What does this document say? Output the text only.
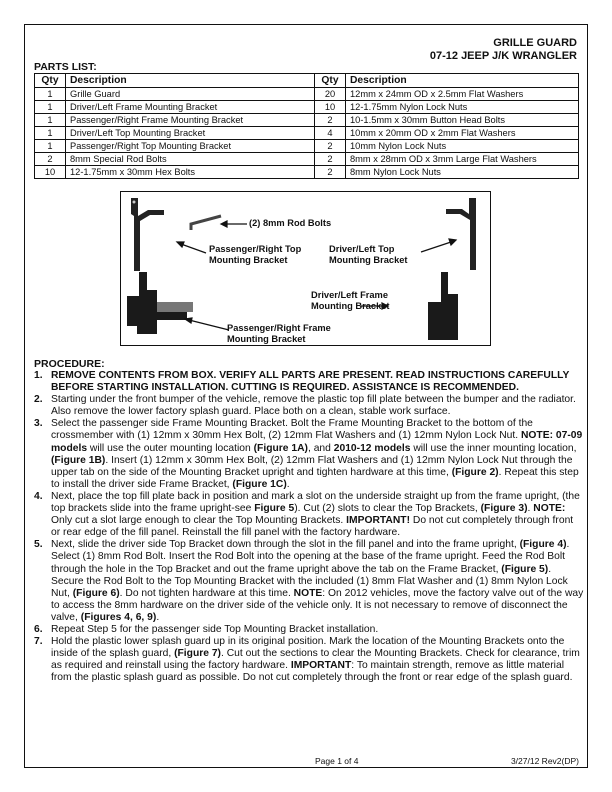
GRILLE GUARD
07-12 JEEP J/K WRANGLER
PARTS LIST:
Qty	Description	Qty	Description
1	Grille Guard	20	12mm x 24mm OD x 2.5mm Flat Washers
1	Driver/Left Frame Mounting Bracket	10	12-1.75mm Nylon Lock Nuts
1	Passenger/Right Frame Mounting Bracket	2	10-1.5mm x 30mm Button Head Bolts
1	Driver/Left Top Mounting Bracket	4	10mm x 20mm OD x 2mm Flat Washers
1	Passenger/Right Top Mounting Bracket	2	10mm Nylon Lock Nuts
2	8mm Special Rod Bolts	2	8mm x 28mm OD x 3mm Large Flat Washers
10	12-1.75mm x 30mm Hex Bolts	2	8mm Nylon Lock Nuts
(2) 8mm Rod Bolts
Passenger/Right Top
Mounting Bracket
Driver/Left Top
Mounting Bracket
Driver/Left Frame
Mounting Bracket
Passenger/Right Frame
Mounting Bracket
PROCEDURE:
1. REMOVE CONTENTS FROM BOX. VERIFY ALL PARTS ARE PRESENT. READ INSTRUCTIONS CAREFULLY BEFORE STARTING INSTALLATION. CUTTING IS REQUIRED. ASSISTANCE IS RECOMMENDED.
2. Starting under the front bumper of the vehicle, remove the plastic top fill plate between the bumper and the radiator. Also remove the lower factory splash guard. Place both on a clean, stable work surface.
3. Select the passenger side Frame Mounting Bracket. Bolt the Frame Mounting Bracket to the bottom of the crossmember with (1) 12mm x 30mm Hex Bolt, (2) 12mm Flat Washers and (1) 12mm Nylon Lock Nut. NOTE: 07-09 models will use the outer mounting location (Figure 1A), and 2010-12 models will use the inner mounting location, (Figure 1B). Insert (1) 12mm x 30mm Hex Bolt, (2) 12mm Flat Washers and (1) 12mm Nylon Lock Nut through the upper tab on the side of the Mounting Bracket upright and tighten hardware at this time, (Figure 2). Repeat this step to install the driver side Frame Bracket, (Figure 1C).
4. Next, place the top fill plate back in position and mark a slot on the underside straight up from the frame upright, (the top brackets slide into the frame upright-see Figure 5). Cut (2) slots to clear the Top Brackets, (Figure 3). NOTE: Only cut a slot large enough to clear the Top Mounting Brackets. IMPORTANT! Do not cut completely through front or rear edge of the fill panel. Reinstall the fill panel with the factory hardware.
5. Next, slide the driver side Top Bracket down through the slot in the fill panel and into the frame upright, (Figure 4). Select (1) 8mm Rod Bolt. Insert the Rod Bolt into the opening at the base of the frame upright. Feed the Rod Bolt through the hole in the Top Bracket and out the frame upright above the tab on the Frame Bracket, (Figure 5). Secure the Rod Bolt to the Top Mounting Bracket with the included (1) 8mm Flat Washer and (1) 8mm Nylon Lock Nut, (Figure 6). Do not tighten hardware at this time. NOTE: On 2012 vehicles, move the factory valve out of the way to access the 8mm hardware on the driver side of the vehicle only. It is not necessary to remove of disconnect the valve, (Figures 4, 6, 9).
6. Repeat Step 5 for the passenger side Top Mounting Bracket installation.
7. Hold the plastic lower splash guard up in its original position. Mark the location of the Mounting Brackets onto the inside of the splash guard, (Figure 7). Cut out the sections to clear the Mounting Brackets. Check for clearance, trim as required and reinstall using the factory hardware. IMPORTANT: To maintain strength, remove as little material from the plastic splash guard as possible. Do not cut completely through the front or rear edge of the splash guard.
Page 1 of 4	3/27/12 Rev2(DP)
